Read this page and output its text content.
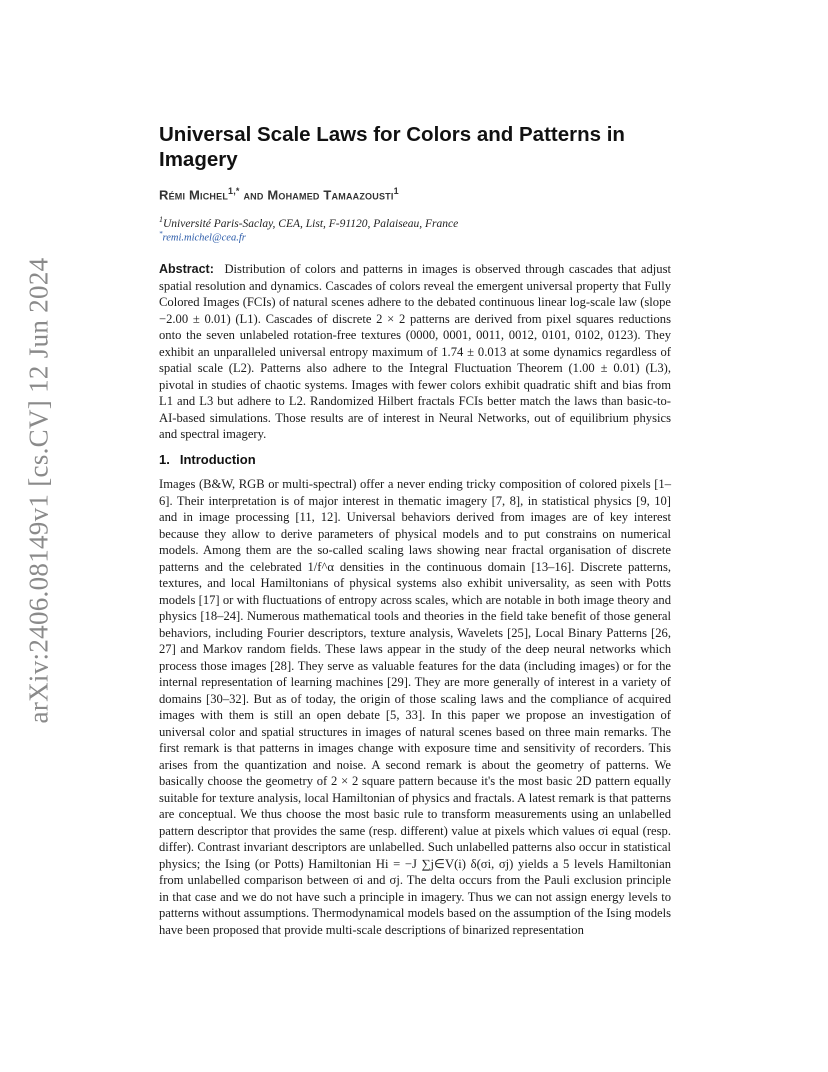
arXiv:2406.08149v1 [cs.CV] 12 Jun 2024
Universal Scale Laws for Colors and Patterns in Imagery
Rémi Michel$^{1,*}$ and Mohamed Tamaazousti$^1$
$^1$Université Paris-Saclay, CEA, List, F-91120, Palaiseau, France
*remi.michel@cea.fr
Abstract: Distribution of colors and patterns in images is observed through cascades that adjust spatial resolution and dynamics. Cascades of colors reveal the emergent universal property that Fully Colored Images (FCIs) of natural scenes adhere to the debated continuous linear log-scale law (slope −2.00 ± 0.01) (L1). Cascades of discrete 2 × 2 patterns are derived from pixel squares reductions onto the seven unlabeled rotation-free textures (0000, 0001, 0011, 0012, 0101, 0102, 0123). They exhibit an unparalleled universal entropy maximum of 1.74 ± 0.013 at some dynamics regardless of spatial scale (L2). Patterns also adhere to the Integral Fluctuation Theorem (1.00 ± 0.01) (L3), pivotal in studies of chaotic systems. Images with fewer colors exhibit quadratic shift and bias from L1 and L3 but adhere to L2. Randomized Hilbert fractals FCIs better match the laws than basic-to-AI-based simulations. Those results are of interest in Neural Networks, out of equilibrium physics and spectral imagery.
1. Introduction
Images (B&W, RGB or multi-spectral) offer a never ending tricky composition of colored pixels [1–6]. Their interpretation is of major interest in thematic imagery [7, 8], in statistical physics [9, 10] and in image processing [11, 12]. Universal behaviors derived from images are of key interest because they allow to derive parameters of physical models and to put constrains on numerical models. Among them are the so-called scaling laws showing near fractal organisation of discrete patterns and the celebrated 1/f^α densities in the continuous domain [13–16]. Discrete patterns, textures, and local Hamiltonians of physical systems also exhibit universality, as seen with Potts models [17] or with fluctuations of entropy across scales, which are notable in both image theory and physics [18–24]. Numerous mathematical tools and theories in the field take benefit of those general behaviors, including Fourier descriptors, texture analysis, Wavelets [25], Local Binary Patterns [26, 27] and Markov random fields. These laws appear in the study of the deep neural networks which process those images [28]. They serve as valuable features for the data (including images) or for the internal representation of learning machines [29]. They are more generally of interest in a variety of domains [30–32]. But as of today, the origin of those scaling laws and the compliance of acquired images with them is still an open debate [5, 33]. In this paper we propose an investigation of universal color and spatial structures in images of natural scenes based on three main remarks. The first remark is that patterns in images change with exposure time and sensitivity of recorders. This arises from the quantization and noise. A second remark is about the geometry of patterns. We basically choose the geometry of 2 × 2 square pattern because it's the most basic 2D pattern equally suitable for texture analysis, local Hamiltonian of physics and fractals. A latest remark is that patterns are conceptual. We thus choose the most basic rule to transform measurements using an unlabelled pattern descriptor that provides the same (resp. different) value at pixels which values σi equal (resp. differ). Contrast invariant descriptors are unlabelled. Such unlabelled patterns also occur in statistical physics; the Ising (or Potts) Hamiltonian Hi = −J ∑j∈V(i) δ(σi, σj) yields a 5 levels Hamiltonian from unlabelled comparison between σi and σj. The delta occurs from the Pauli exclusion principle in that case and we do not have such a principle in imagery. Thus we can not assign energy levels to patterns without assumptions. Thermodynamical models based on the assumption of the Ising models have been proposed that provide multi-scale descriptions of binarized representation
